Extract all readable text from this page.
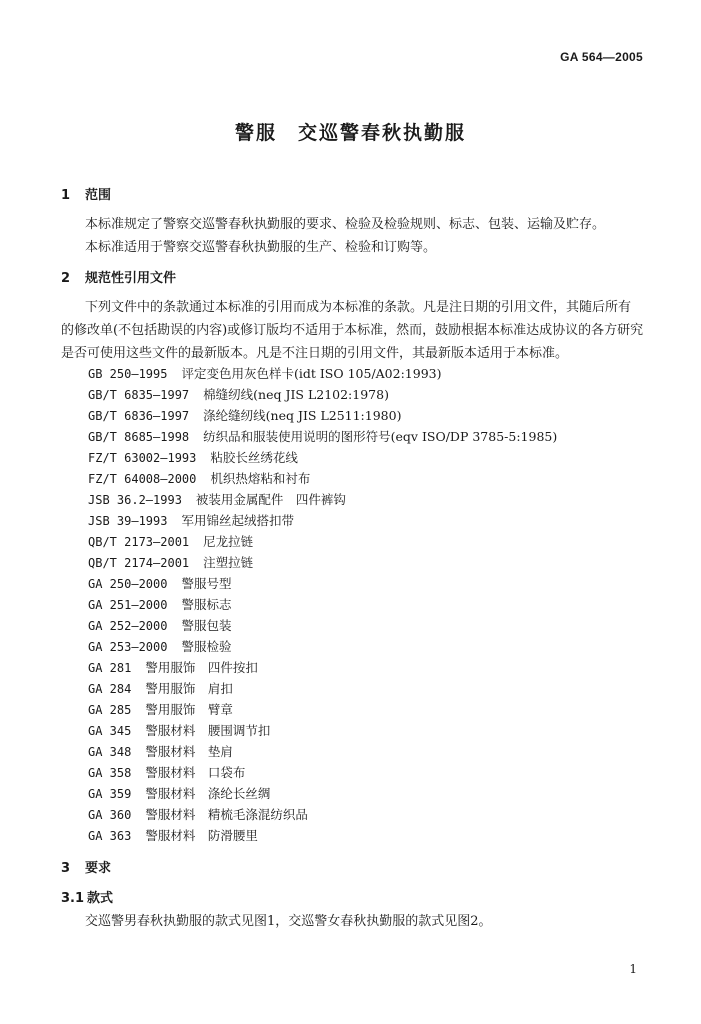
GA 564—2005
警服　交巡警春秋执勤服
1 范围
本标准规定了警察交巡警春秋执勤服的要求、检验及检验规则、标志、包装、运输及贮存。
本标准适用于警察交巡警春秋执勤服的生产、检验和订购等。
2 规范性引用文件
下列文件中的条款通过本标准的引用而成为本标准的条款。凡是注日期的引用文件，其随后所有
的修改单(不包括勘误的内容)或修订版均不适用于本标准，然而，鼓励根据本标准达成协议的各方研究
是否可使用这些文件的最新版本。凡是不注日期的引用文件，其最新版本适用于本标准。
GB 250—1995 评定变色用灰色样卡(idt ISO 105/A02:1993)
GB/T 6835—1997 棉缝纫线(neq JIS L2102:1978)
GB/T 6836—1997 涤纶缝纫线(neq JIS L2511:1980)
GB/T 8685—1998 纺织品和服装使用说明的图形符号(eqv ISO/DP 3785-5:1985)
FZ/T 63002—1993 粘胶长丝绣花线
FZ/T 64008—2000 机织热熔粘和衬布
JSB 36.2—1993 被装用金属配件　四件裤钩
JSB 39—1993 军用锦丝起绒搭扣带
QB/T 2173—2001 尼龙拉链
QB/T 2174—2001 注塑拉链
GA 250—2000 警服号型
GA 251—2000 警服标志
GA 252—2000 警服包装
GA 253—2000 警服检验
GA 281 警用服饰　四件按扣
GA 284 警用服饰　肩扣
GA 285 警用服饰　臂章
GA 345 警服材料　腰围调节扣
GA 348 警服材料　垫肩
GA 358 警服材料　口袋布
GA 359 警服材料　涤纶长丝绸
GA 360 警服材料　精梳毛涤混纺织品
GA 363 警服材料　防滑腰里
3 要求
3.1 款式
交巡警男春秋执勤服的款式见图1，交巡警女春秋执勤服的款式见图2。
1
